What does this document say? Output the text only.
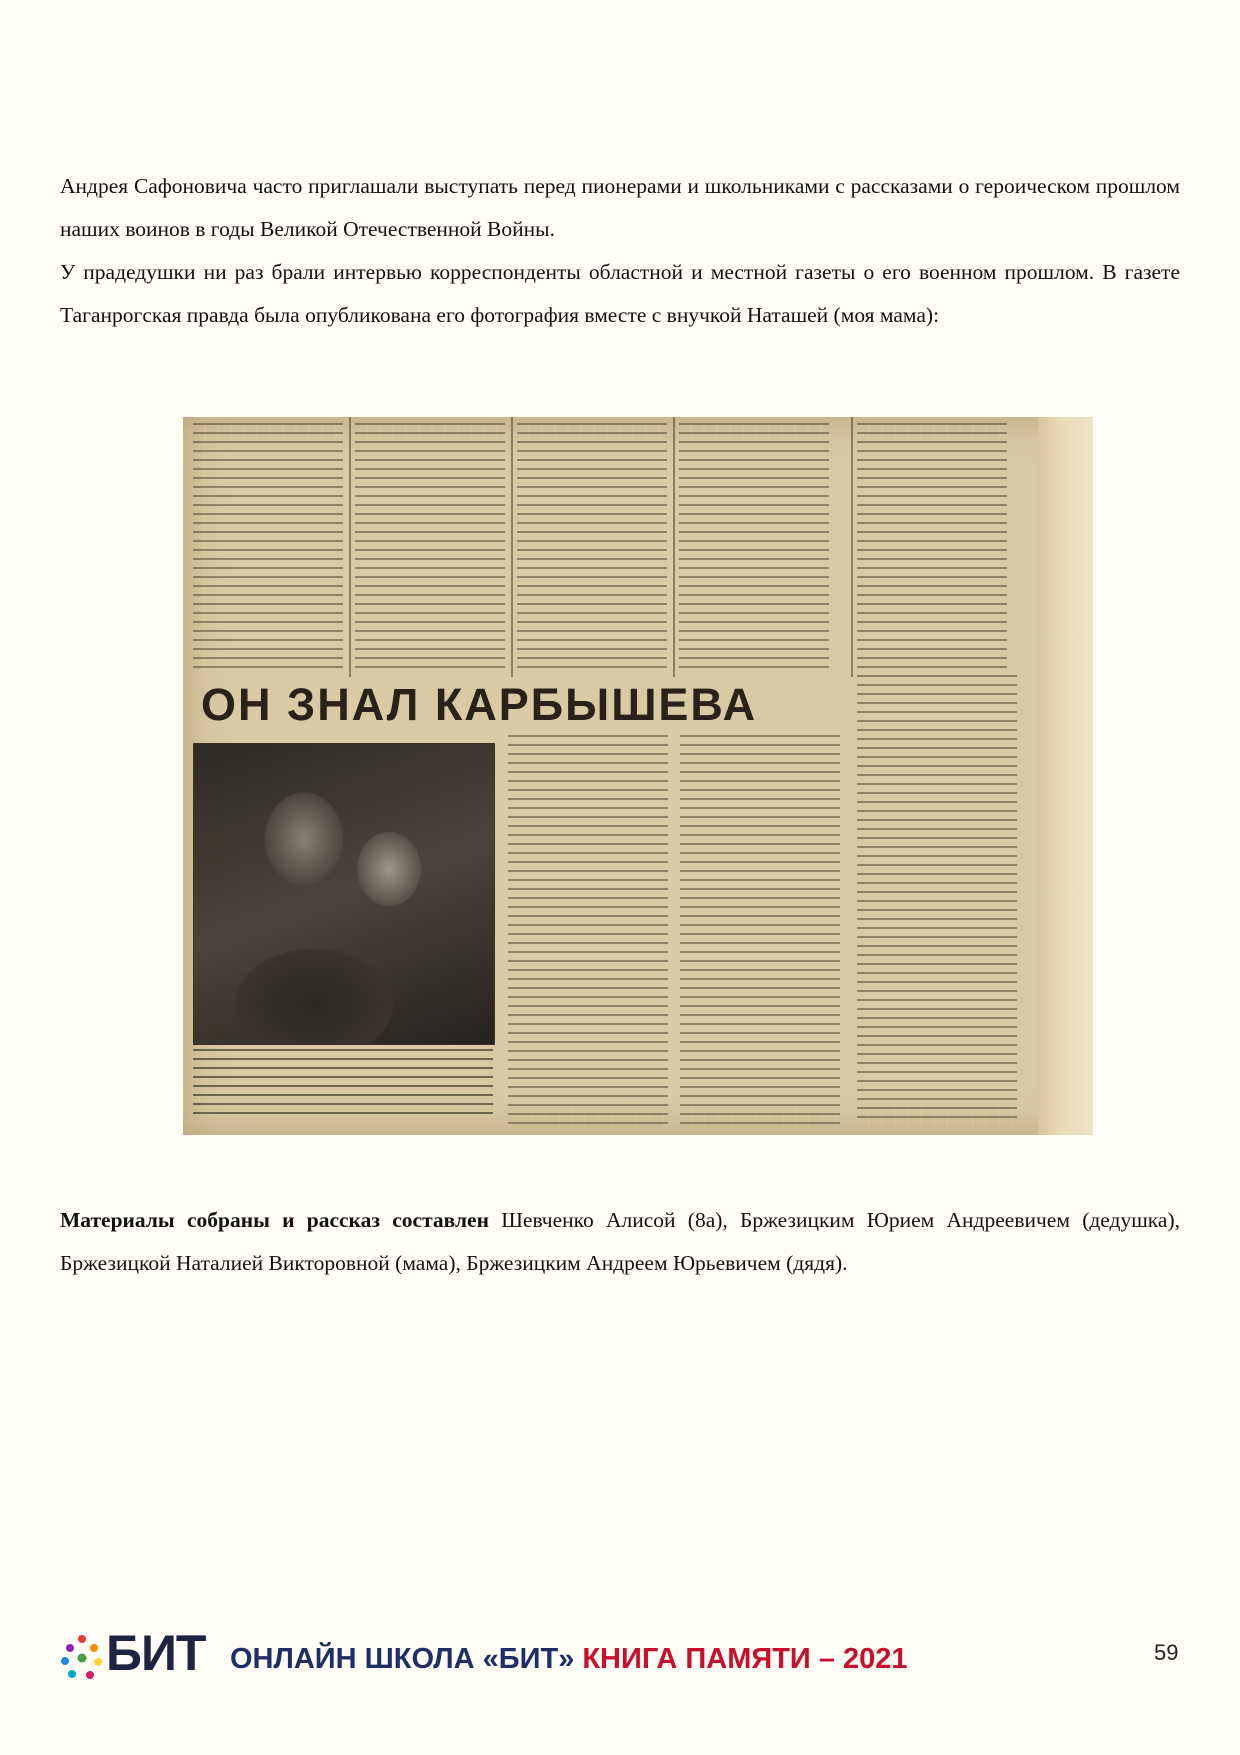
Андрея Сафоновича часто приглашали выступать перед пионерами и школьниками с рассказами о героическом прошлом наших воинов в годы Великой Отечественной Войны.

У прадедушки ни раз брали интервью корреспонденты областной и местной газеты о его военном прошлом. В газете Таганрогская правда была опубликована его фотография вместе с внучкой Наташей (моя мама):

ОН ЗНАЛ КАРБЫШЕВА

Материалы собраны и рассказ составлен Шевченко Алисой (8а), Бржезицким Юрием Андреевичем (дедушка), Бржезицкой Наталией Викторовной (мама), Бржезицким Андреем Юрьевичем (дядя).

БИТ ОНЛАЙН ШКОЛА «БИТ» КНИГА ПАМЯТИ – 2021	59
